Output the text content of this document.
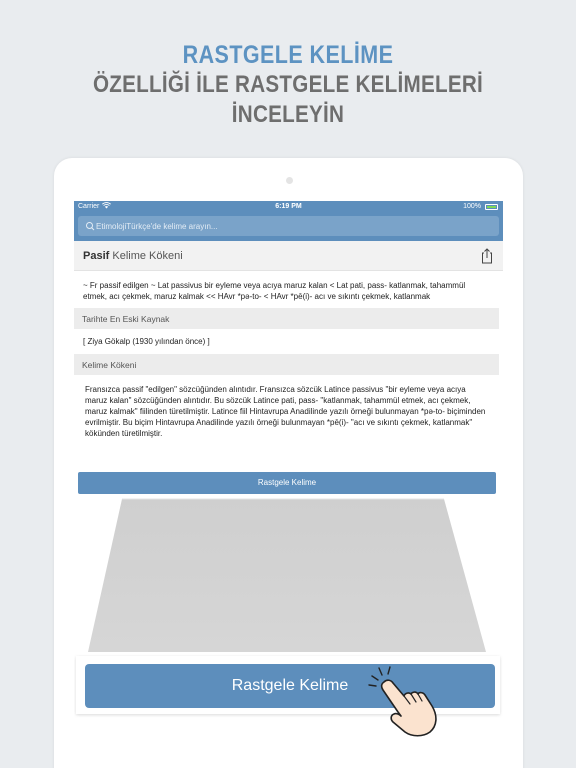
RASTGELE KELİME
ÖZELLİĞİ İLE RASTGELE KELİMELERİ
İNCELEYİN
Carrier	6:19 PM	100%
EtimolojiTürkçe'de kelime arayın...
Pasif Kelime Kökeni
~ Fr passif edilgen ~ Lat passivus bir eyleme veya acıya maruz kalan < Lat pati, pass- katlanmak, tahammül etmek, acı çekmek, maruz kalmak << HAvr *pə-to- < HAvr *pē(i)- acı ve sıkıntı çekmek, katlanmak
Tarihte En Eski Kaynak
[ Ziya Gökalp (1930 yılından önce) ]
Kelime Kökeni
Fransızca passif "edilgen" sözcüğünden alıntıdır. Fransızca sözcük Latince passivus "bir eyleme veya acıya maruz kalan" sözcüğünden alıntıdır. Bu sözcük Latince pati, pass- "katlanmak, tahammül etmek, acı çekmek, maruz kalmak" fiilinden türetilmiştir. Latince fiil Hintavrupa Anadilinde yazılı örneği bulunmayan *pə-to- biçiminden evrilmiştir. Bu biçim Hintavrupa Anadilinde yazılı örneği bulunmayan *pē(i)- "acı ve sıkıntı çekmek, katlanmak" kökünden türetilmiştir.
Rastgele Kelime
Rastgele Kelime
